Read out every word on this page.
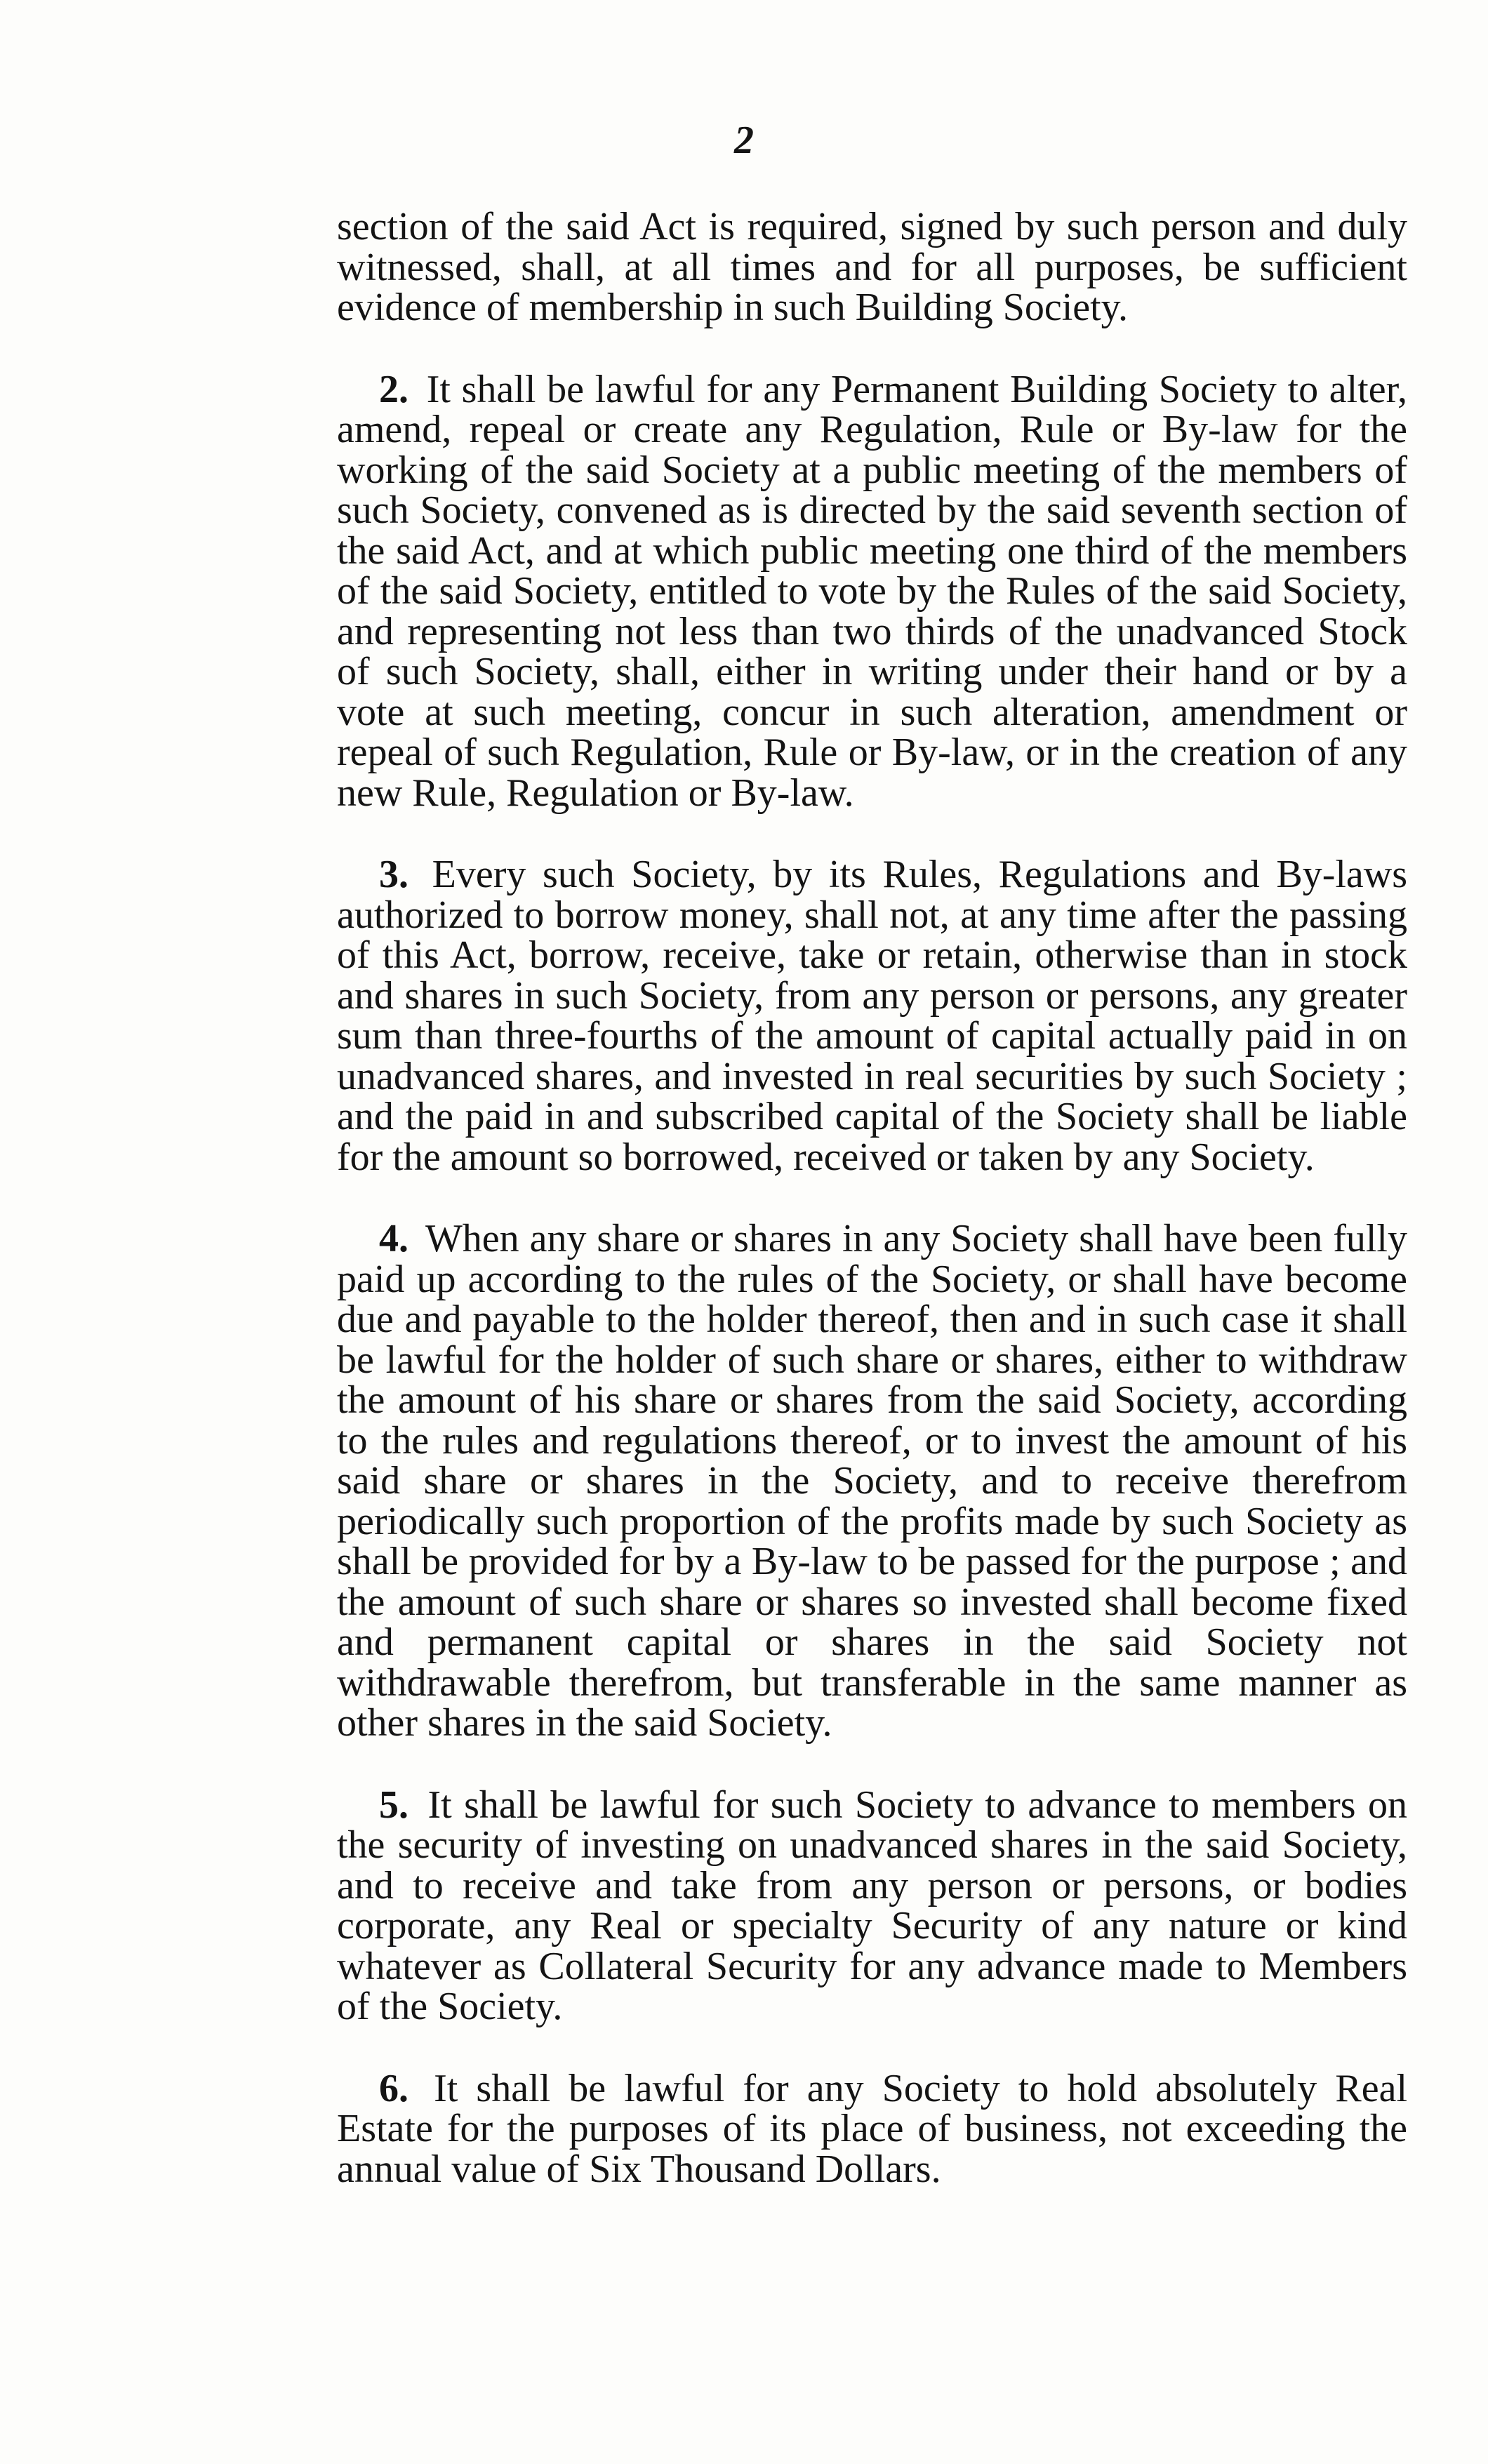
2

section of the said Act is required, signed by such person and duly witnessed, shall, at all times and for all purposes, be sufficient evidence of membership in such Building Society.

2. It shall be lawful for any Permanent Building Society to alter, amend, repeal or create any Regulation, Rule or By-law for the working of the said Society at a public meeting of the members of such Society, convened as is directed by the said seventh section of the said Act, and at which public meeting one third of the members of the said Society, entitled to vote by the Rules of the said Society, and representing not less than two thirds of the unadvanced Stock of such Society, shall, either in writing under their hand or by a vote at such meeting, concur in such alteration, amendment or repeal of such Regulation, Rule or By-law, or in the creation of any new Rule, Regulation or By-law.

3. Every such Society, by its Rules, Regulations and By-laws authorized to borrow money, shall not, at any time after the passing of this Act, borrow, receive, take or retain, otherwise than in stock and shares in such Society, from any person or persons, any greater sum than three-fourths of the amount of capital actually paid in on unadvanced shares, and invested in real securities by such Society ; and the paid in and subscribed capital of the Society shall be liable for the amount so borrowed, received or taken by any Society.

4. When any share or shares in any Society shall have been fully paid up according to the rules of the Society, or shall have become due and payable to the holder thereof, then and in such case it shall be lawful for the holder of such share or shares, either to withdraw the amount of his share or shares from the said Society, according to the rules and regulations thereof, or to invest the amount of his said share or shares in the Society, and to receive therefrom periodically such proportion of the profits made by such Society as shall be provided for by a By-law to be passed for the purpose ; and the amount of such share or shares so invested shall become fixed and permanent capital or shares in the said Society not withdrawable therefrom, but transferable in the same manner as other shares in the said Society.

5. It shall be lawful for such Society to advance to members on the security of investing on unadvanced shares in the said Society, and to receive and take from any person or persons, or bodies corporate, any Real or specialty Security of any nature or kind whatever as Collateral Security for any advance made to Members of the Society.

6. It shall be lawful for any Society to hold absolutely Real Estate for the purposes of its place of business, not exceeding the annual value of Six Thousand Dollars.
